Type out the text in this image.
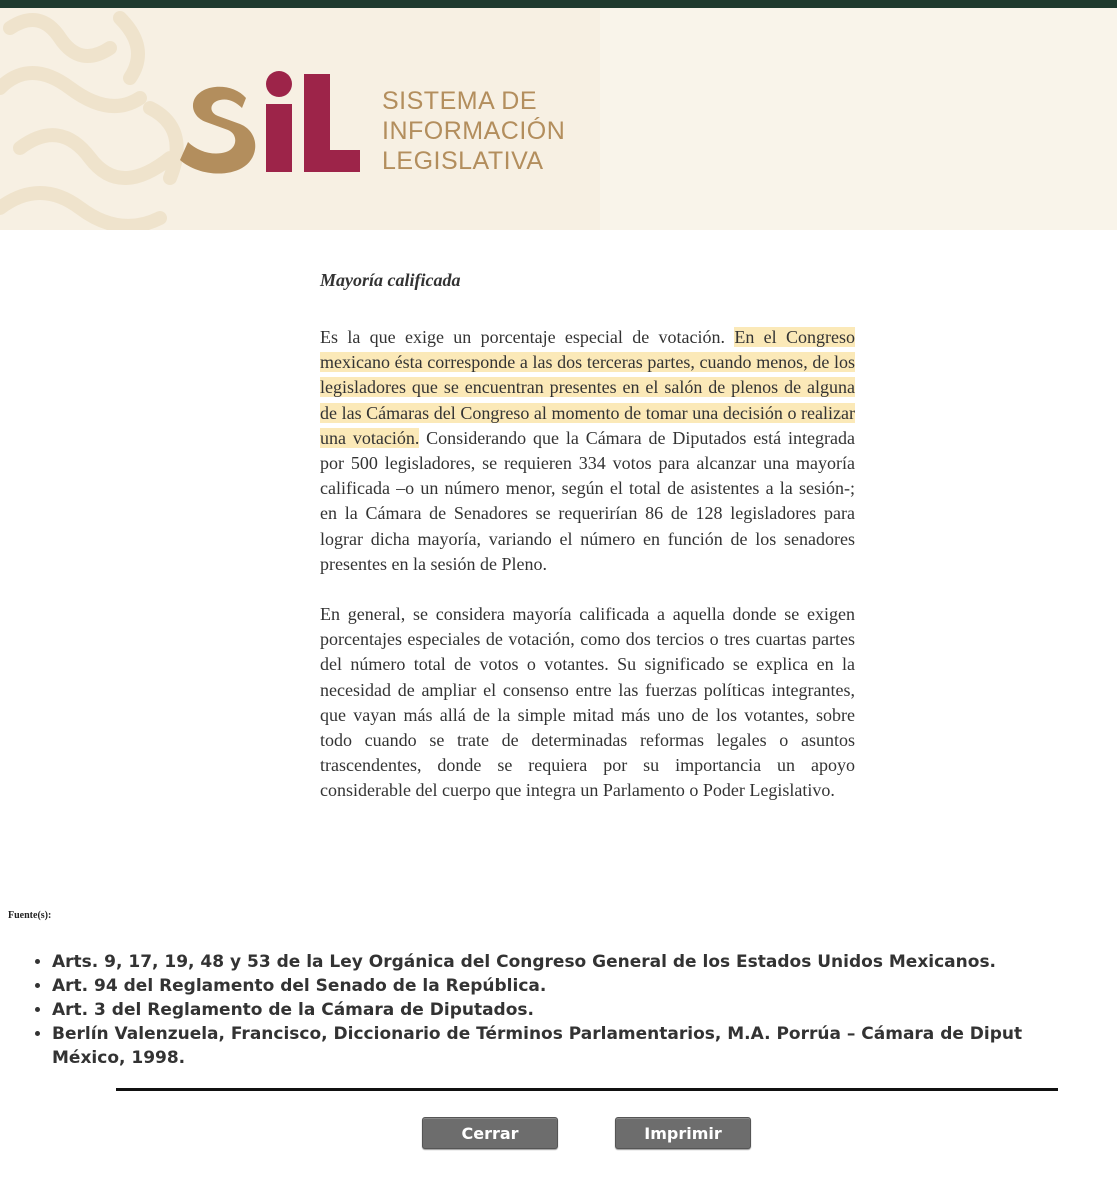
SISTEMA DE
INFORMACIÓN
LEGISLATIVA
Mayoría calificada

Es la que exige un porcentaje especial de votación. En el Congreso mexicano ésta corresponde a las dos terceras partes, cuando menos, de los legisladores que se encuentran presentes en el salón de plenos de alguna de las Cámaras del Congreso al momento de tomar una decisión o realizar una votación. Considerando que la Cámara de Diputados está integrada por 500 legisladores, se requieren 334 votos para alcanzar una mayoría calificada –o un número menor, según el total de asistentes a la sesión-; en la Cámara de Senadores se requerirían 86 de 128 legisladores para lograr dicha mayoría, variando el número en función de los senadores presentes en la sesión de Pleno.

En general, se considera mayoría calificada a aquella donde se exigen porcentajes especiales de votación, como dos tercios o tres cuartas partes del número total de votos o votantes. Su significado se explica en la necesidad de ampliar el consenso entre las fuerzas políticas integrantes, que vayan más allá de la simple mitad más uno de los votantes, sobre todo cuando se trate de determinadas reformas legales o asuntos trascendentes, donde se requiera por su importancia un apoyo considerable del cuerpo que integra un Parlamento o Poder Legislativo.

Fuente(s):
• Arts. 9, 17, 19, 48 y 53 de la Ley Orgánica del Congreso General de los Estados Unidos Mexicanos.
• Art. 94 del Reglamento del Senado de la República.
• Art. 3 del Reglamento de la Cámara de Diputados.
• Berlín Valenzuela, Francisco, Diccionario de Términos Parlamentarios, M.A. Porrúa – Cámara de Diput
México, 1998.
Cerrar	Imprimir
